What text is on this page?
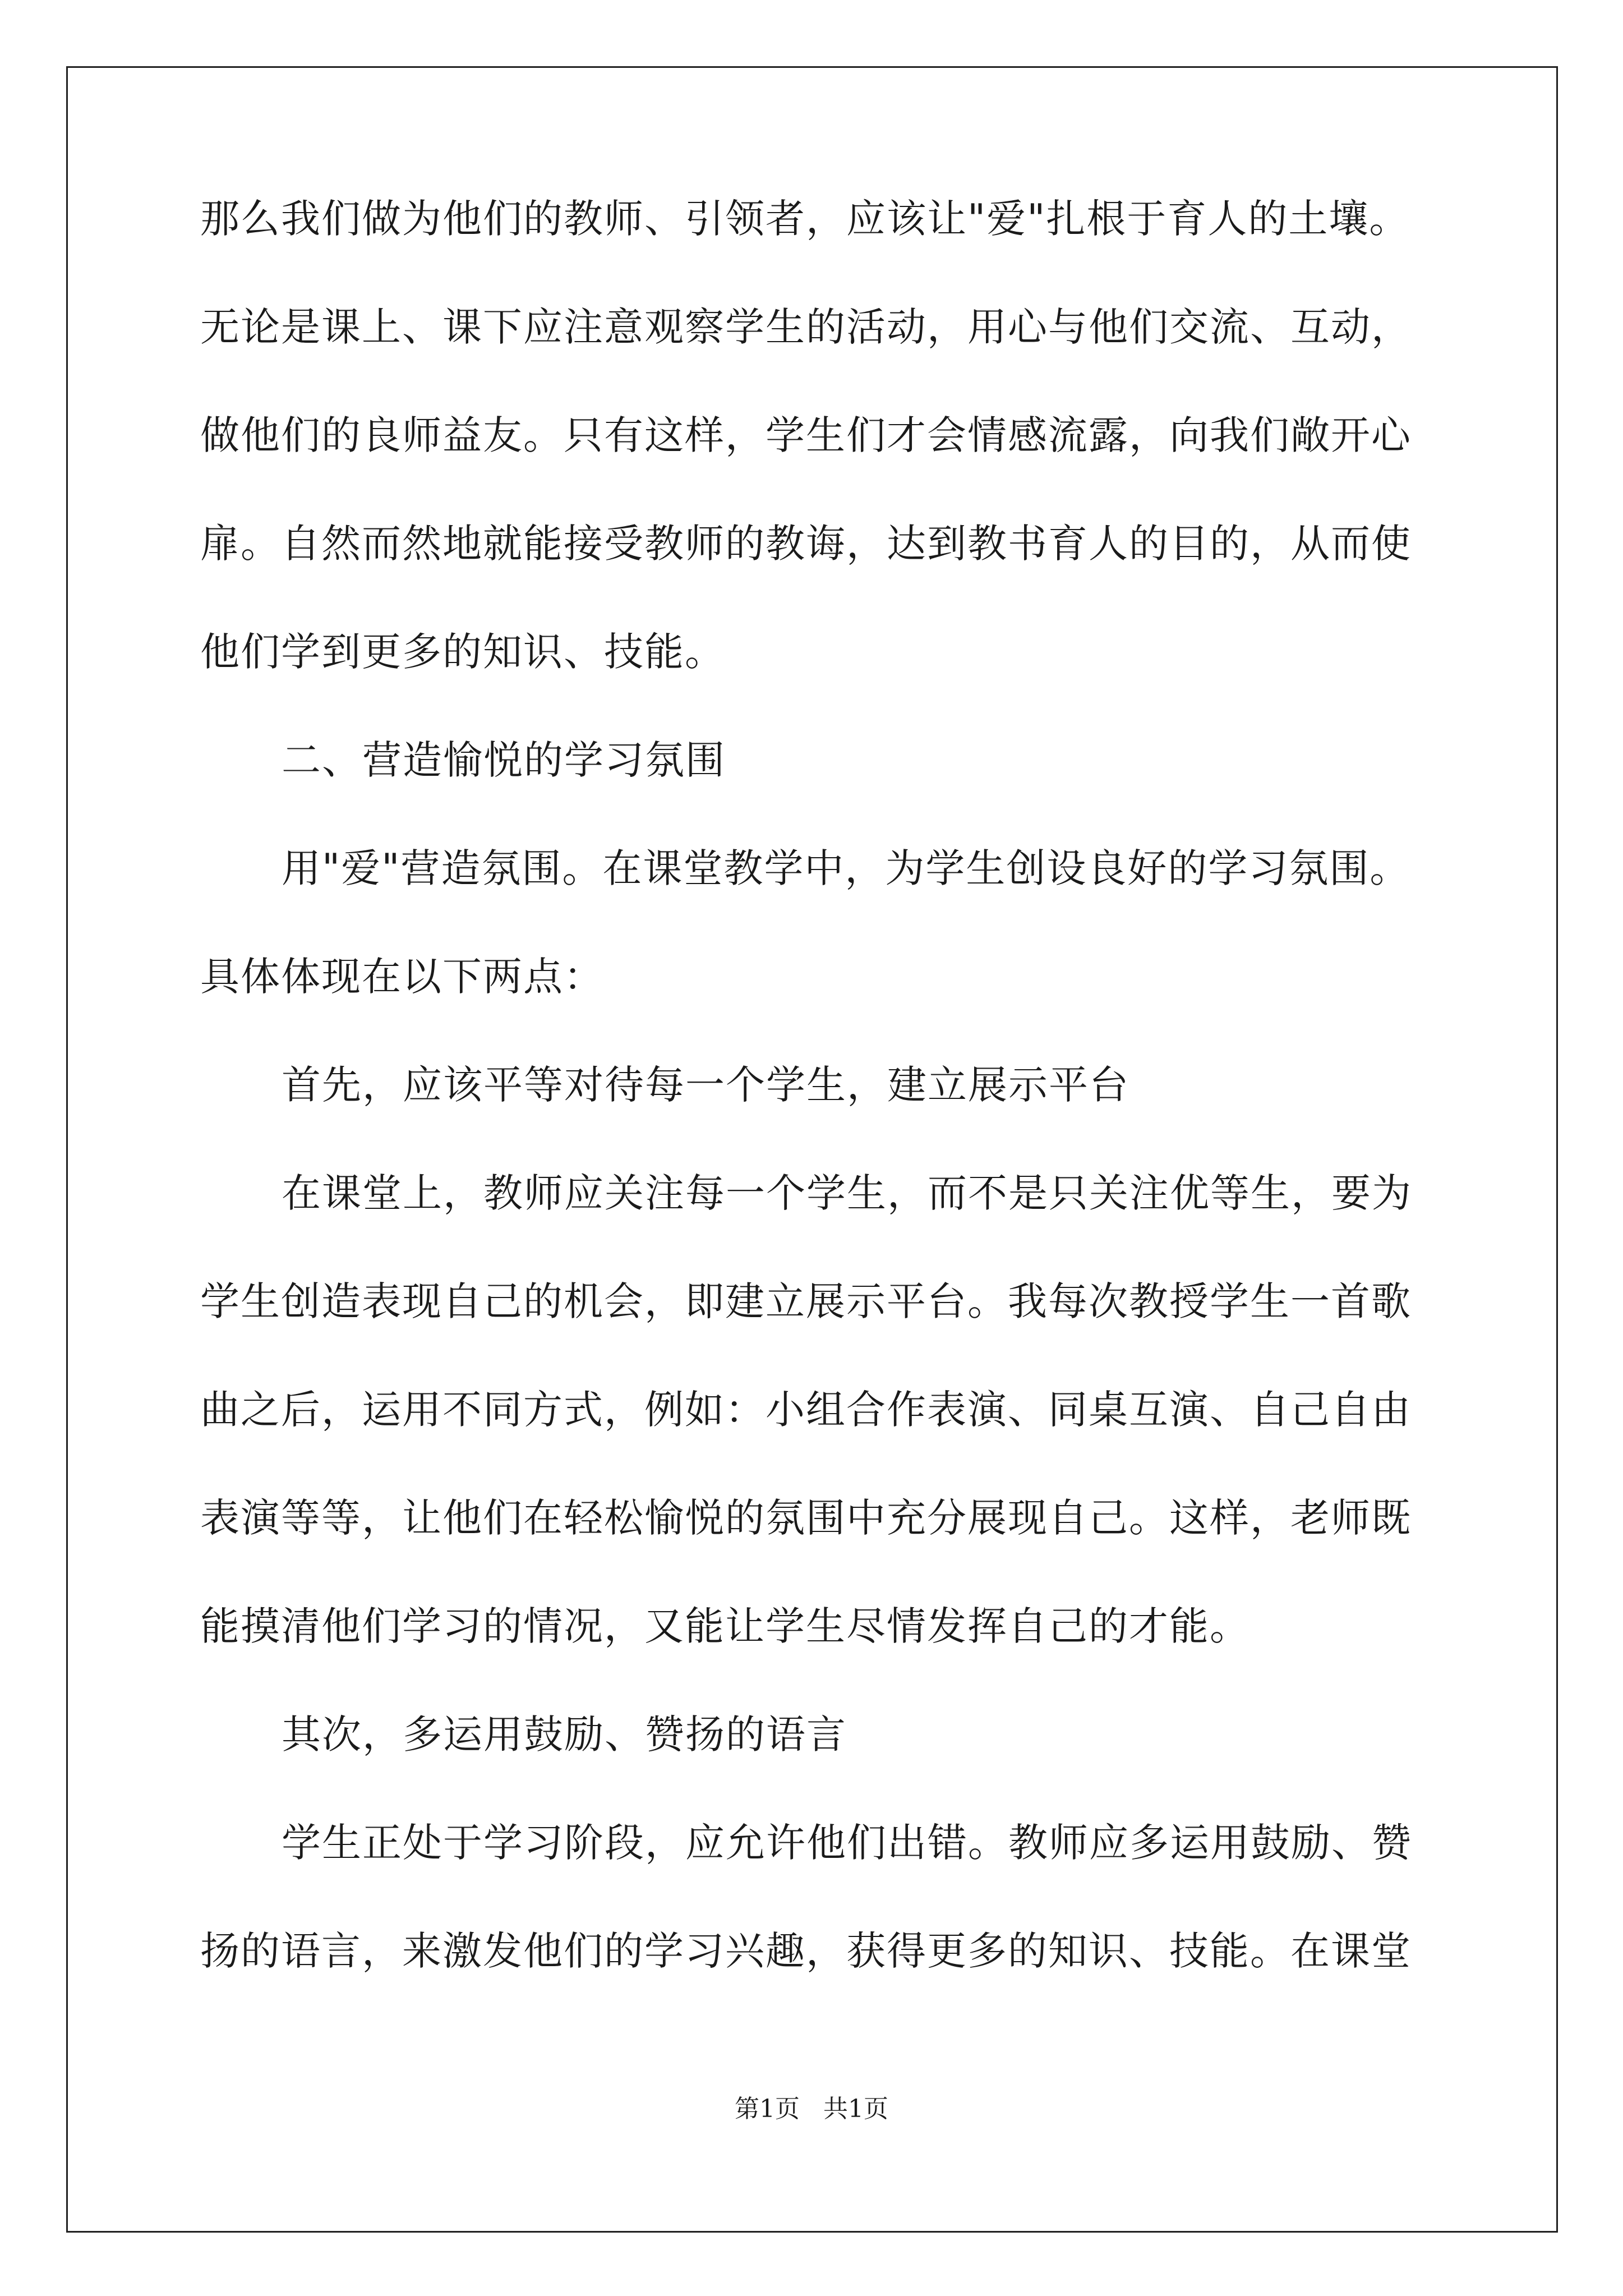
那么我们做为他们的教师、引领者，应该让"爱"扎根于育人的土壤。
无论是课上、课下应注意观察学生的活动，用心与他们交流、互动，
做他们的良师益友。只有这样，学生们才会情感流露，向我们敞开心
扉。自然而然地就能接受教师的教诲，达到教书育人的目的，从而使
他们学到更多的知识、技能。
二、营造愉悦的学习氛围
用"爱"营造氛围。在课堂教学中，为学生创设良好的学习氛围。
具体体现在以下两点：
首先，应该平等对待每一个学生，建立展示平台
在课堂上，教师应关注每一个学生，而不是只关注优等生，要为
学生创造表现自己的机会，即建立展示平台。我每次教授学生一首歌
曲之后，运用不同方式，例如：小组合作表演、同桌互演、自己自由
表演等等，让他们在轻松愉悦的氛围中充分展现自己。这样，老师既
能摸清他们学习的情况，又能让学生尽情发挥自己的才能。
其次，多运用鼓励、赞扬的语言
学生正处于学习阶段，应允许他们出错。教师应多运用鼓励、赞
扬的语言，来激发他们的学习兴趣，获得更多的知识、技能。在课堂
第1页   共1页
